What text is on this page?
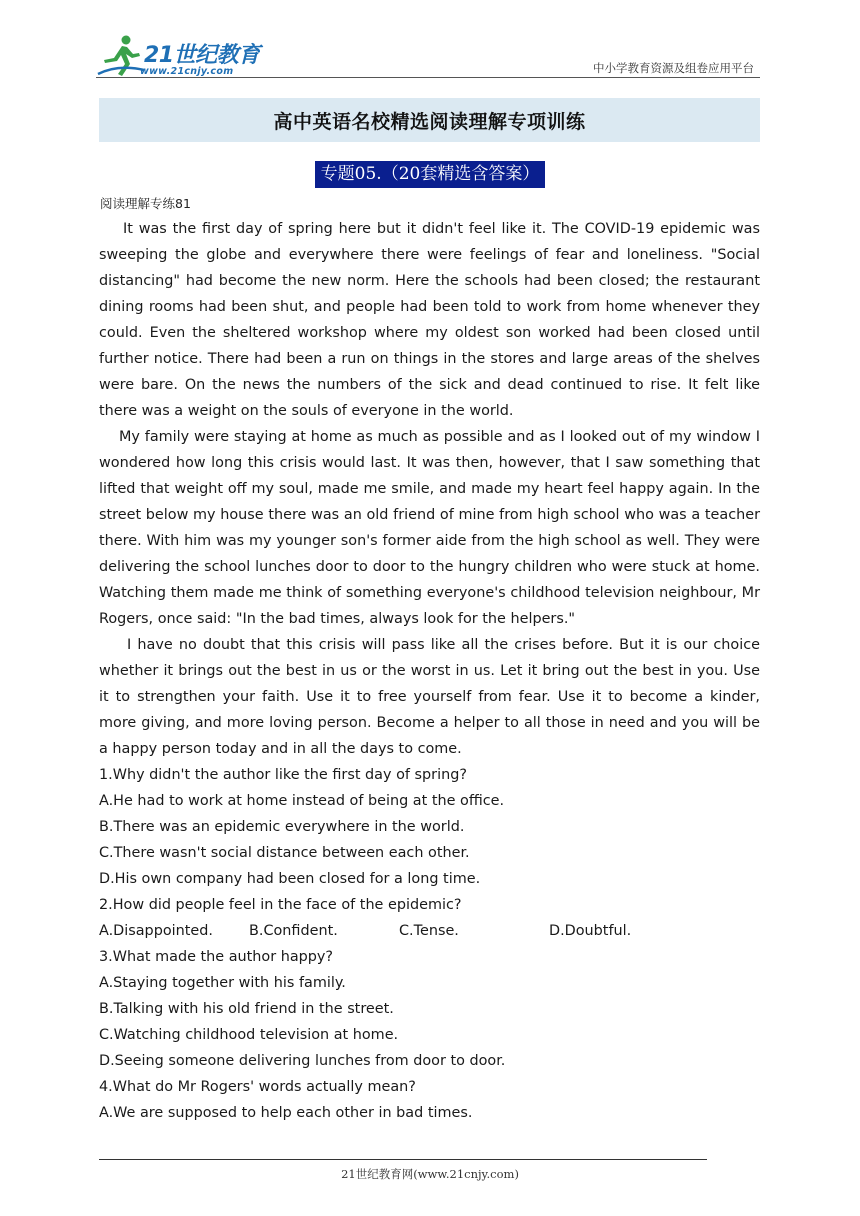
21世纪教育
www.21cnjy.com	中小学教育资源及组卷应用平台
高中英语名校精选阅读理解专项训练
专题05.（20套精选含答案）
阅读理解专练81

It was the first day of spring here but it didn't feel like it. The COVID-19 epidemic was sweeping the globe and everywhere there were feelings of fear and loneliness. "Social distancing" had become the new norm. Here the schools had been closed; the restaurant dining rooms had been shut, and people had been told to work from home whenever they could. Even the sheltered workshop where my oldest son worked had been closed until further notice. There had been a run on things in the stores and large areas of the shelves were bare. On the news the numbers of the sick and dead continued to rise. It felt like there was a weight on the souls of everyone in the world.

My family were staying at home as much as possible and as I looked out of my window I wondered how long this crisis would last. It was then, however, that I saw something that lifted that weight off my soul, made me smile, and made my heart feel happy again. In the street below my house there was an old friend of mine from high school who was a teacher there. With him was my younger son's former aide from the high school as well. They were delivering the school lunches door to door to the hungry children who were stuck at home. Watching them made me think of something everyone's childhood television neighbour, Mr Rogers, once said: "In the bad times, always look for the helpers."

I have no doubt that this crisis will pass like all the crises before. But it is our choice whether it brings out the best in us or the worst in us. Let it bring out the best in you. Use it to strengthen your faith. Use it to free yourself from fear. Use it to become a kinder, more giving, and more loving person. Become a helper to all those in need and you will be a happy person today and in all the days to come.

1.Why didn't the author like the first day of spring?

A.He had to work at home instead of being at the office.

B.There was an epidemic everywhere in the world.

C.There wasn't social distance between each other.

D.His own company had been closed for a long time.

2.How did people feel in the face of the epidemic?

A.Disappointed.	B.Confident.	C.Tense.	D.Doubtful.

3.What made the author happy?

A.Staying together with his family.

B.Talking with his old friend in the street.

C.Watching childhood television at home.

D.Seeing someone delivering lunches from door to door.

4.What do Mr Rogers' words actually mean?

A.We are supposed to help each other in bad times.

21世纪教育网(www.21cnjy.com)
